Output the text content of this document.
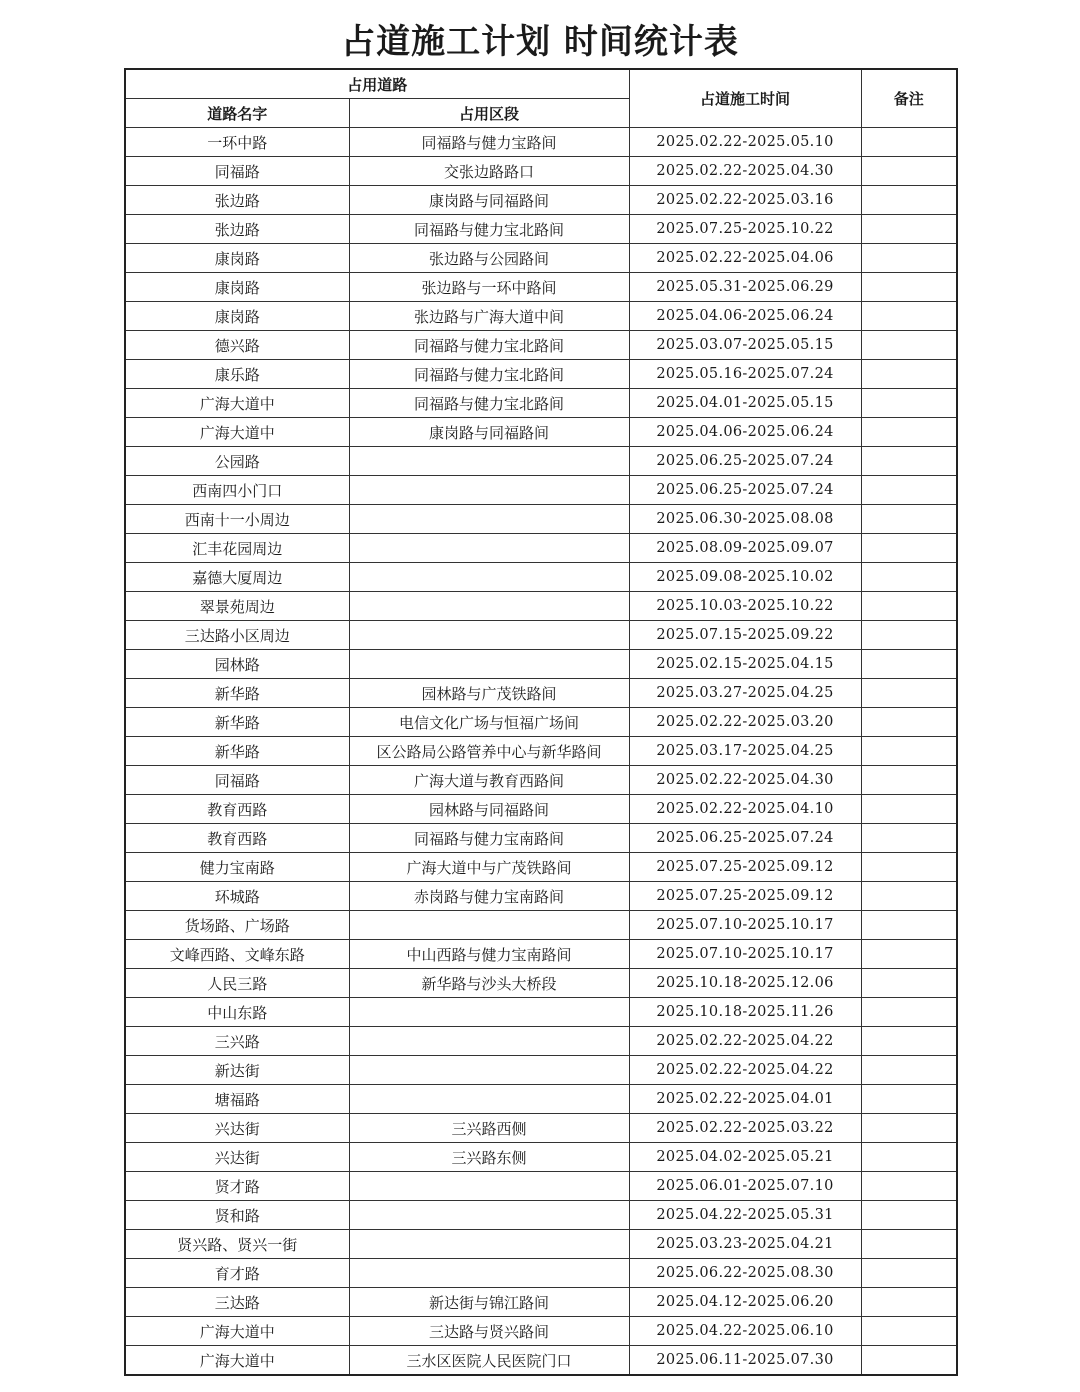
占道施工计划 时间统计表
占用道路		占道施工时间	备注
道路名字	占用区段		
一环中路	同福路与健力宝路间	2025.02.22-2025.05.10	
同福路	交张边路路口	2025.02.22-2025.04.30	
张边路	康岗路与同福路间	2025.02.22-2025.03.16	
张边路	同福路与健力宝北路间	2025.07.25-2025.10.22	
康岗路	张边路与公园路间	2025.02.22-2025.04.06	
康岗路	张边路与一环中路间	2025.05.31-2025.06.29	
康岗路	张边路与广海大道中间	2025.04.06-2025.06.24	
德兴路	同福路与健力宝北路间	2025.03.07-2025.05.15	
康乐路	同福路与健力宝北路间	2025.05.16-2025.07.24	
广海大道中	同福路与健力宝北路间	2025.04.01-2025.05.15	
广海大道中	康岗路与同福路间	2025.04.06-2025.06.24	
公园路		2025.06.25-2025.07.24	
西南四小门口		2025.06.25-2025.07.24	
西南十一小周边		2025.06.30-2025.08.08	
汇丰花园周边		2025.08.09-2025.09.07	
嘉德大厦周边		2025.09.08-2025.10.02	
翠景苑周边		2025.10.03-2025.10.22	
三达路小区周边		2025.07.15-2025.09.22	
园林路		2025.02.15-2025.04.15	
新华路	园林路与广茂铁路间	2025.03.27-2025.04.25	
新华路	电信文化广场与恒福广场间	2025.02.22-2025.03.20	
新华路	区公路局公路管养中心与新华路间	2025.03.17-2025.04.25	
同福路	广海大道与教育西路间	2025.02.22-2025.04.30	
教育西路	园林路与同福路间	2025.02.22-2025.04.10	
教育西路	同福路与健力宝南路间	2025.06.25-2025.07.24	
健力宝南路	广海大道中与广茂铁路间	2025.07.25-2025.09.12	
环城路	赤岗路与健力宝南路间	2025.07.25-2025.09.12	
货场路、广场路		2025.07.10-2025.10.17	
文峰西路、文峰东路	中山西路与健力宝南路间	2025.07.10-2025.10.17	
人民三路	新华路与沙头大桥段	2025.10.18-2025.12.06	
中山东路		2025.10.18-2025.11.26	
三兴路		2025.02.22-2025.04.22	
新达街		2025.02.22-2025.04.22	
塘福路		2025.02.22-2025.04.01	
兴达街	三兴路西侧	2025.02.22-2025.03.22	
兴达街	三兴路东侧	2025.04.02-2025.05.21	
贤才路		2025.06.01-2025.07.10	
贤和路		2025.04.22-2025.05.31	
贤兴路、贤兴一街		2025.03.23-2025.04.21	
育才路		2025.06.22-2025.08.30	
三达路	新达街与锦江路间	2025.04.12-2025.06.20	
广海大道中	三达路与贤兴路间	2025.04.22-2025.06.10	
广海大道中	三水区医院人民医院门口	2025.06.11-2025.07.30	
